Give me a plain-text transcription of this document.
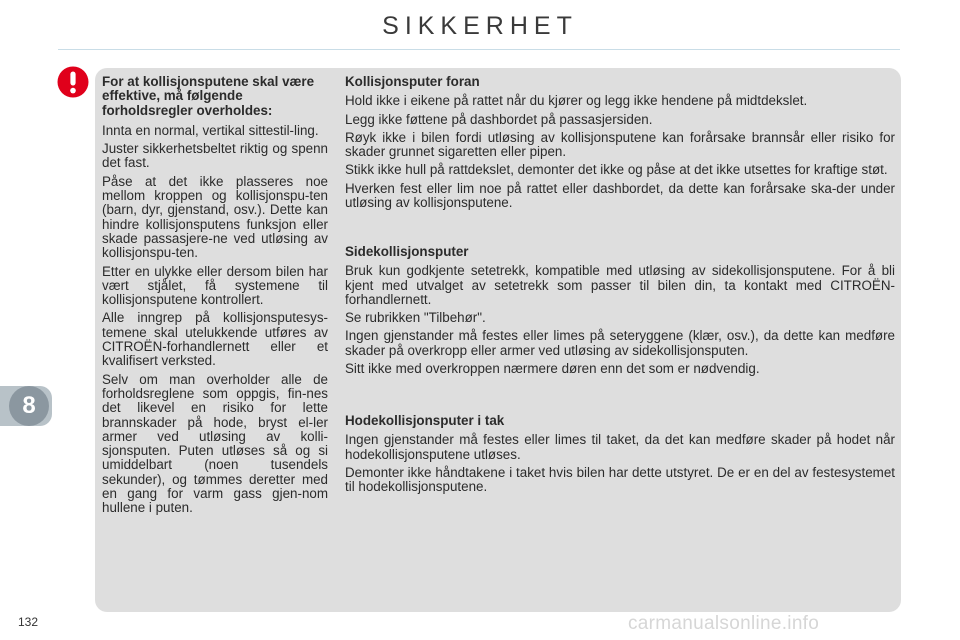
SIKKERHET
For at kollisjonsputene skal være effektive, må følgende forholdsregler overholdes:

Innta en normal, vertikal sittestil-ling.

Juster sikkerhetsbeltet riktig og spenn det fast.

Påse at det ikke plasseres noe mellom kroppen og kollisjonspu-ten (barn, dyr, gjenstand, osv.). Dette kan hindre kollisjonsputens funksjon eller skade passasjere-ne ved utløsing av kollisjonspu-ten.

Etter en ulykke eller dersom bilen har vært stjålet, få systemene til kollisjonsputene kontrollert.

Alle inngrep på kollisjonsputesys-temene skal utelukkende utføres av CITROËN-forhandlernett eller et kvalifisert verksted.

Selv om man overholder alle de forholdsreglene som oppgis, fin-nes det likevel en risiko for lette brannskader på hode, bryst el-ler armer ved utløsing av kolli-sjonsputen. Puten utløses så og si umiddelbart (noen tusendels sekunder), og tømmes deretter med en gang for varm gass gjen-nom hullene i puten.

Kollisjonsputer foran

Hold ikke i eikene på rattet når du kjører og legg ikke hendene på midtdekslet.

Legg ikke føttene på dashbordet på passasjersiden.

Røyk ikke i bilen fordi utløsing av kollisjonsputene kan forårsake brannsår eller risiko for skader grunnet sigaretten eller pipen.

Stikk ikke hull på rattdekslet, demonter det ikke og påse at det ikke utsettes for kraftige støt.

Hverken fest eller lim noe på rattet eller dashbordet, da dette kan forårsake ska-der under utløsing av kollisjonsputene.

Sidekollisjonsputer

Bruk kun godkjente setetrekk, kompatible med utløsing av sidekollisjonsputene. For å bli kjent med utvalget av setetrekk som passer til bilen din, ta kontakt med CITROËN-forhandlernett.

Se rubrikken "Tilbehør".

Ingen gjenstander må festes eller limes på seteryggene (klær, osv.), da dette kan medføre skader på overkropp eller armer ved utløsing av sidekollisjonsputen.

Sitt ikke med overkroppen nærmere døren enn det som er nødvendig.

Hodekollisjonsputer i tak

Ingen gjenstander må festes eller limes til taket, da det kan medføre skader på hodet når hodekollisjonsputene utløses.

Demonter ikke håndtakene i taket hvis bilen har dette utstyret. De er en del av festesystemet til hodekollisjonsputene.

8
132	carmanualsonline.info
